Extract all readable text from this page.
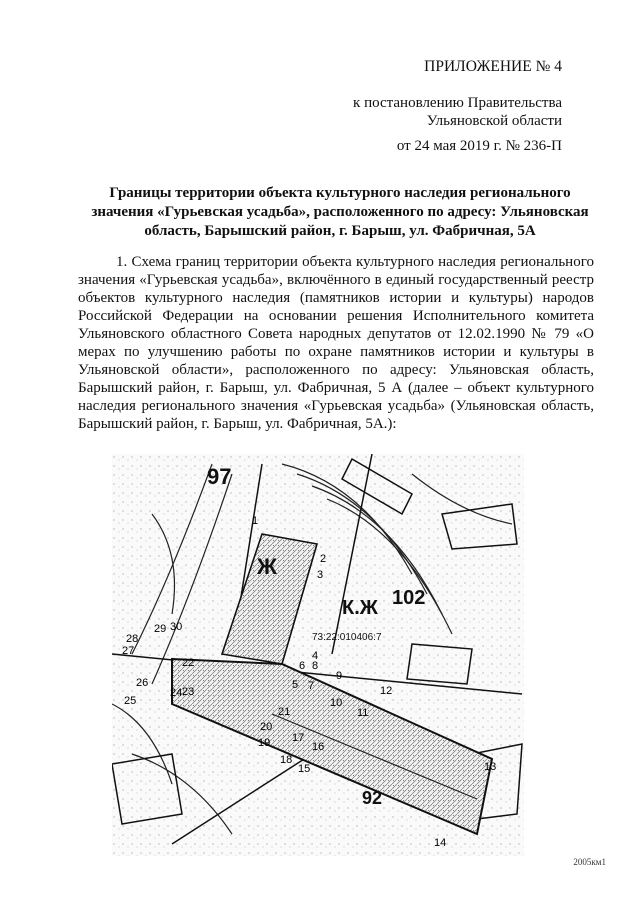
ПРИЛОЖЕНИЕ № 4
к постановлению Правительства
Ульяновской области
от 24 мая 2019 г. № 236-П
Границы территории объекта культурного наследия регионального значения «Гурьевская усадьба», расположенного по адресу: Ульяновская область, Барышский район, г. Барыш, ул. Фабричная, 5А
1. Схема границ территории объекта культурного наследия регионального значения «Гурьевская усадьба», включённого в единый государственный реестр объектов культурного наследия (памятников истории и культуры) народов Российской Федерации на основании решения Исполнительного комитета Ульяновского областного Совета народных депутатов от 12.02.1990 № 79 «О мерах по улучшению работы по охране памятников истории и культуры в Ульяновской области», расположенного по адресу: Ульяновская область, Барышский район, г. Барыш, ул. Фабричная, 5 А (далее – объект культурного наследия регионального значения «Гурьевская усадьба» (Ульяновская область, Барышский район, г. Барыш, ул. Фабричная, 5А.):
73:22:010406:7
К.Ж 102
92
97
Ж
1
2
3
4
5
6
7
8
9
10
11
12
13
14
15
16
17
18
19
20
21
22
23
24
25
26
27
28
29 30
2005км1
